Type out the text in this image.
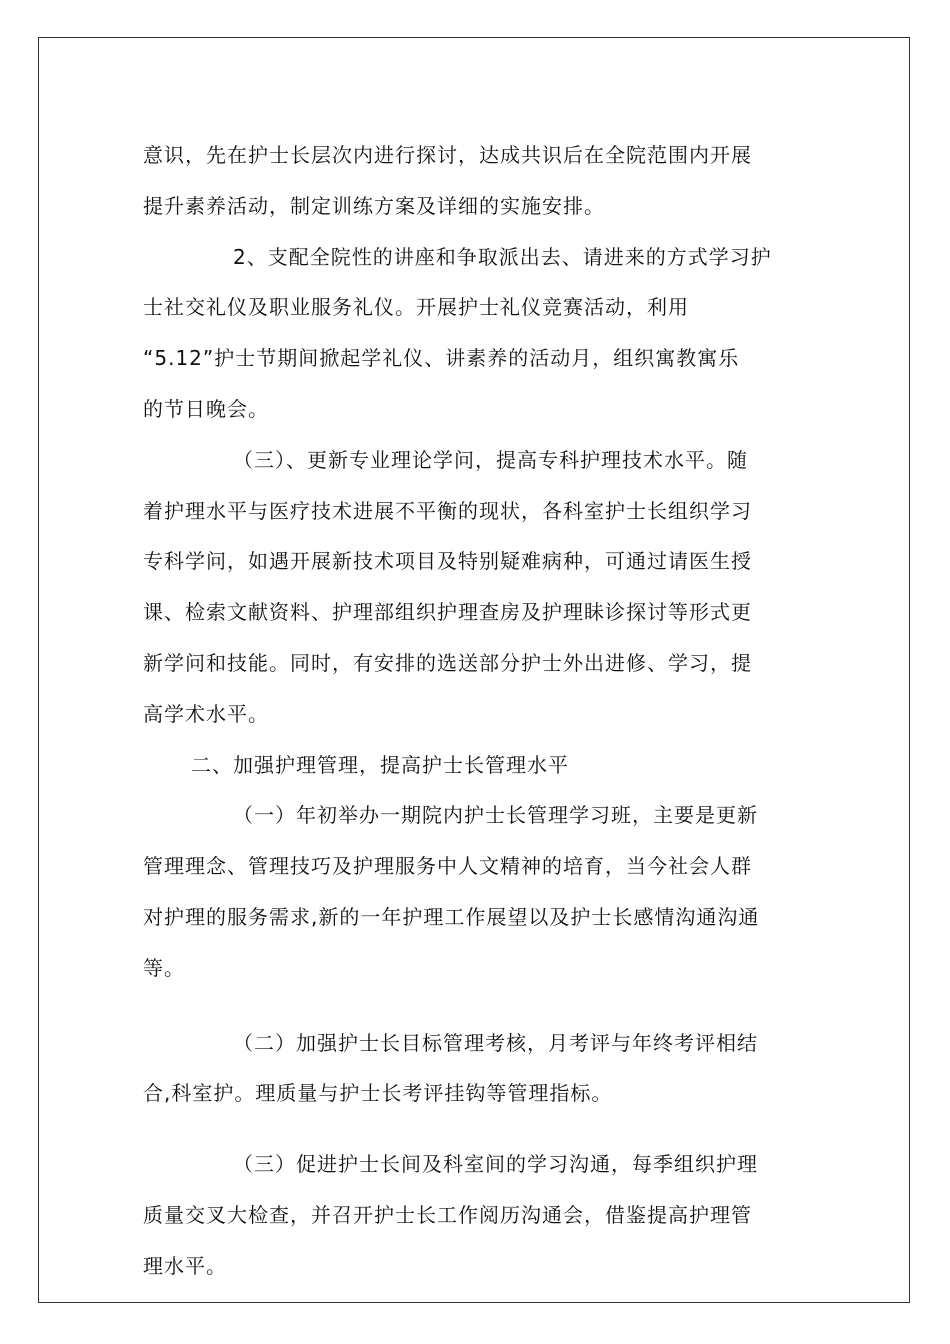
意识，先在护士长层次内进行探讨，达成共识后在全院范围内开展
提升素养活动，制定训练方案及详细的实施安排。
2、支配全院性的讲座和争取派出去、请进来的方式学习护
士社交礼仪及职业服务礼仪。开展护士礼仪竞赛活动，利用
“5.12”护士节期间掀起学礼仪、讲素养的活动月，组织寓教寓乐
的节日晚会。
（三）、更新专业理论学问，提高专科护理技术水平。随
着护理水平与医疗技术进展不平衡的现状，各科室护士长组织学习
专科学问，如遇开展新技术项目及特别疑难病种，可通过请医生授
课、检索文献资料、护理部组织护理查房及护理眛诊探讨等形式更
新学问和技能。同时，有安排的选送部分护士外出进修、学习，提
高学术水平。
二、加强护理管理，提高护士长管理水平
（一）年初举办一期院内护士长管理学习班，主要是更新
管理理念、管理技巧及护理服务中人文精神的培育，当今社会人群
对护理的服务需求,新的一年护理工作展望以及护士长感情沟通沟通
等。
（二）加强护士长目标管理考核，月考评与年终考评相结
合,科室护。理质量与护士长考评挂钩等管理指标。
（三）促进护士长间及科室间的学习沟通，每季组织护理
质量交叉大检查，并召开护士长工作阅历沟通会，借鉴提高护理管
理水平。
